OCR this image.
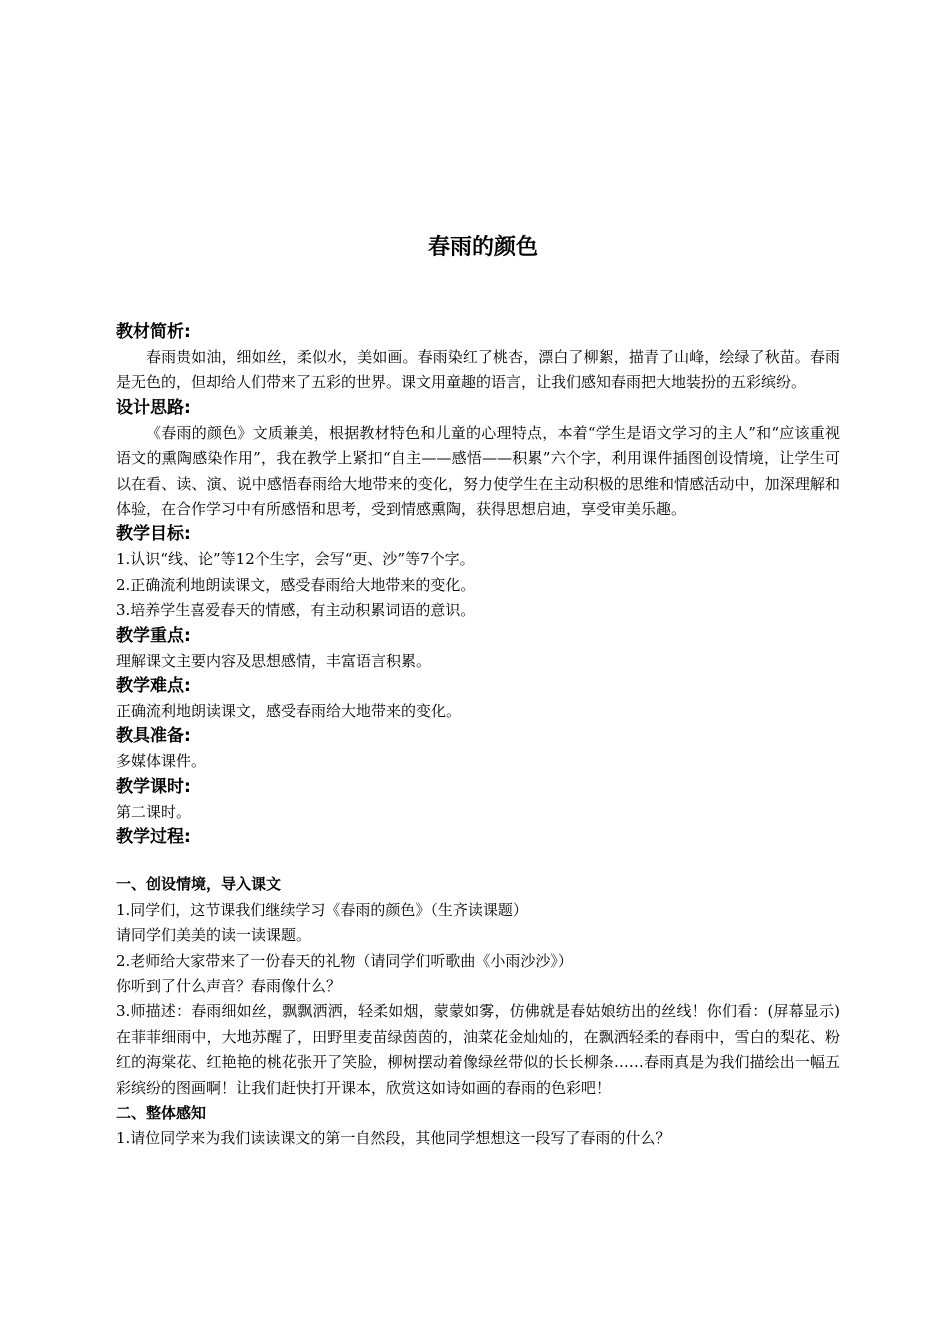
春雨的颜色

教材简析:

春雨贵如油，细如丝，柔似水，美如画。春雨染红了桃杏，漂白了柳絮，描青了山峰，绘绿了秋苗。春雨是无色的，但却给人们带来了五彩的世界。课文用童趣的语言，让我们感知春雨把大地装扮的五彩缤纷。

设计思路:

《春雨的颜色》文质兼美，根据教材特色和儿童的心理特点，本着“学生是语文学习的主人”和“应该重视语文的熏陶感染作用”，我在教学上紧扣“自主——感悟——积累”六个字，利用课件插图创设情境，让学生可以在看、读、演、说中感悟春雨给大地带来的变化，努力使学生在主动积极的思维和情感活动中，加深理解和体验，在合作学习中有所感悟和思考，受到情感熏陶，获得思想启迪，享受审美乐趣。

教学目标:

1.认识“线、论”等12个生字，会写“更、沙”等7个字。

2.正确流利地朗读课文，感受春雨给大地带来的变化。

3.培养学生喜爱春天的情感，有主动积累词语的意识。

教学重点:

理解课文主要内容及思想感情，丰富语言积累。

教学难点:

正确流利地朗读课文，感受春雨给大地带来的变化。

教具准备:

多媒体课件。

教学课时:

第二课时。

教学过程:

一、创设情境，导入课文

1.同学们，这节课我们继续学习《春雨的颜色》（生齐读课题）

请同学们美美的读一读课题。

2.老师给大家带来了一份春天的礼物（请同学们听歌曲《小雨沙沙》）

你听到了什么声音？春雨像什么？

3.师描述：春雨细如丝，飘飘洒洒，轻柔如烟，蒙蒙如雾，仿佛就是春姑娘纺出的丝线！你们看：(屏幕显示)在菲菲细雨中，大地苏醒了，田野里麦苗绿茵茵的，油菜花金灿灿的，在飘洒轻柔的春雨中，雪白的梨花、粉红的海棠花、红艳艳的桃花张开了笑脸，柳树摆动着像绿丝带似的长长柳条……春雨真是为我们描绘出一幅五彩缤纷的图画啊！让我们赶快打开课本，欣赏这如诗如画的春雨的色彩吧！

二、整体感知

1.请位同学来为我们读读课文的第一自然段，其他同学想想这一段写了春雨的什么？
